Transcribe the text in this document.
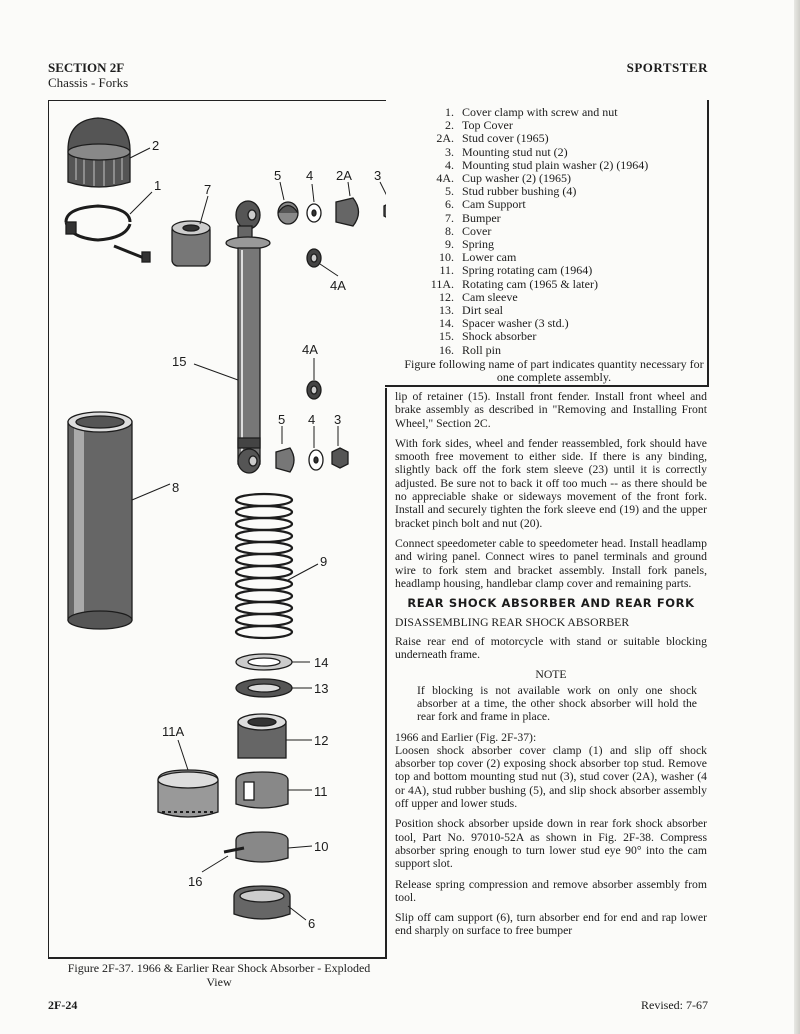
SECTION 2F
Chassis - Forks
SPORTSTER
2
1	7
5 4 2A 3
4A
15
4A
5 4 3
8
9
14
13
11A
12
11
10
16
6
1. Cover clamp with screw and nut
2. Top Cover
2A. Stud cover (1965)
3. Mounting stud nut (2)
4. Mounting stud plain washer (2) (1964)
4A. Cup washer (2) (1965)
5. Stud rubber bushing (4)
6. Cam Support
7. Bumper
8. Cover
9. Spring
10. Lower cam
11. Spring rotating cam (1964)
11A. Rotating cam (1965 & later)
12. Cam sleeve
13. Dirt seal
14. Spacer washer (3 std.)
15. Shock absorber
16. Roll pin
Figure following name of part indicates quantity necessary for one complete assembly.
Figure 2F-37. 1966 & Earlier Rear Shock Absorber - Exploded View

lip of retainer (15). Install front fender. Install front wheel and brake assembly as described in "Removing and Installing Front Wheel," Section 2C.

With fork sides, wheel and fender reassembled, fork should have smooth free movement to either side. If there is any binding, slightly back off the fork stem sleeve (23) until it is correctly adjusted. Be sure not to back it off too much -- as there should be no appreciable shake or sideways movement of the front fork. Install and securely tighten the fork sleeve end (19) and the upper bracket pinch bolt and nut (20).

Connect speedometer cable to speedometer head. Install headlamp and wiring panel. Connect wires to panel terminals and ground wire to fork stem and bracket assembly. Install fork panels, headlamp housing, handlebar clamp cover and remaining parts.

REAR SHOCK ABSORBER AND REAR FORK

DISASSEMBLING REAR SHOCK ABSORBER

Raise rear end of motorcycle with stand or suitable blocking underneath frame.

NOTE

If blocking is not available work on only one shock absorber at a time, the other shock absorber will hold the rear fork and frame in place.

1966 and Earlier (Fig. 2F-37):

Loosen shock absorber cover clamp (1) and slip off shock absorber top cover (2) exposing shock absorber top stud. Remove top and bottom mounting stud nut (3), stud cover (2A), washer (4 or 4A), stud rubber bushing (5), and slip shock absorber assembly off upper and lower studs.

Position shock absorber upside down in rear fork shock absorber tool, Part No. 97010-52A as shown in Fig. 2F-38. Compress absorber spring enough to turn lower stud eye 90° into the cam support slot.

Release spring compression and remove absorber assembly from tool.

Slip off cam support (6), turn absorber end for end and rap lower end sharply on surface to free bumper

2F-24	Revised: 7-67
